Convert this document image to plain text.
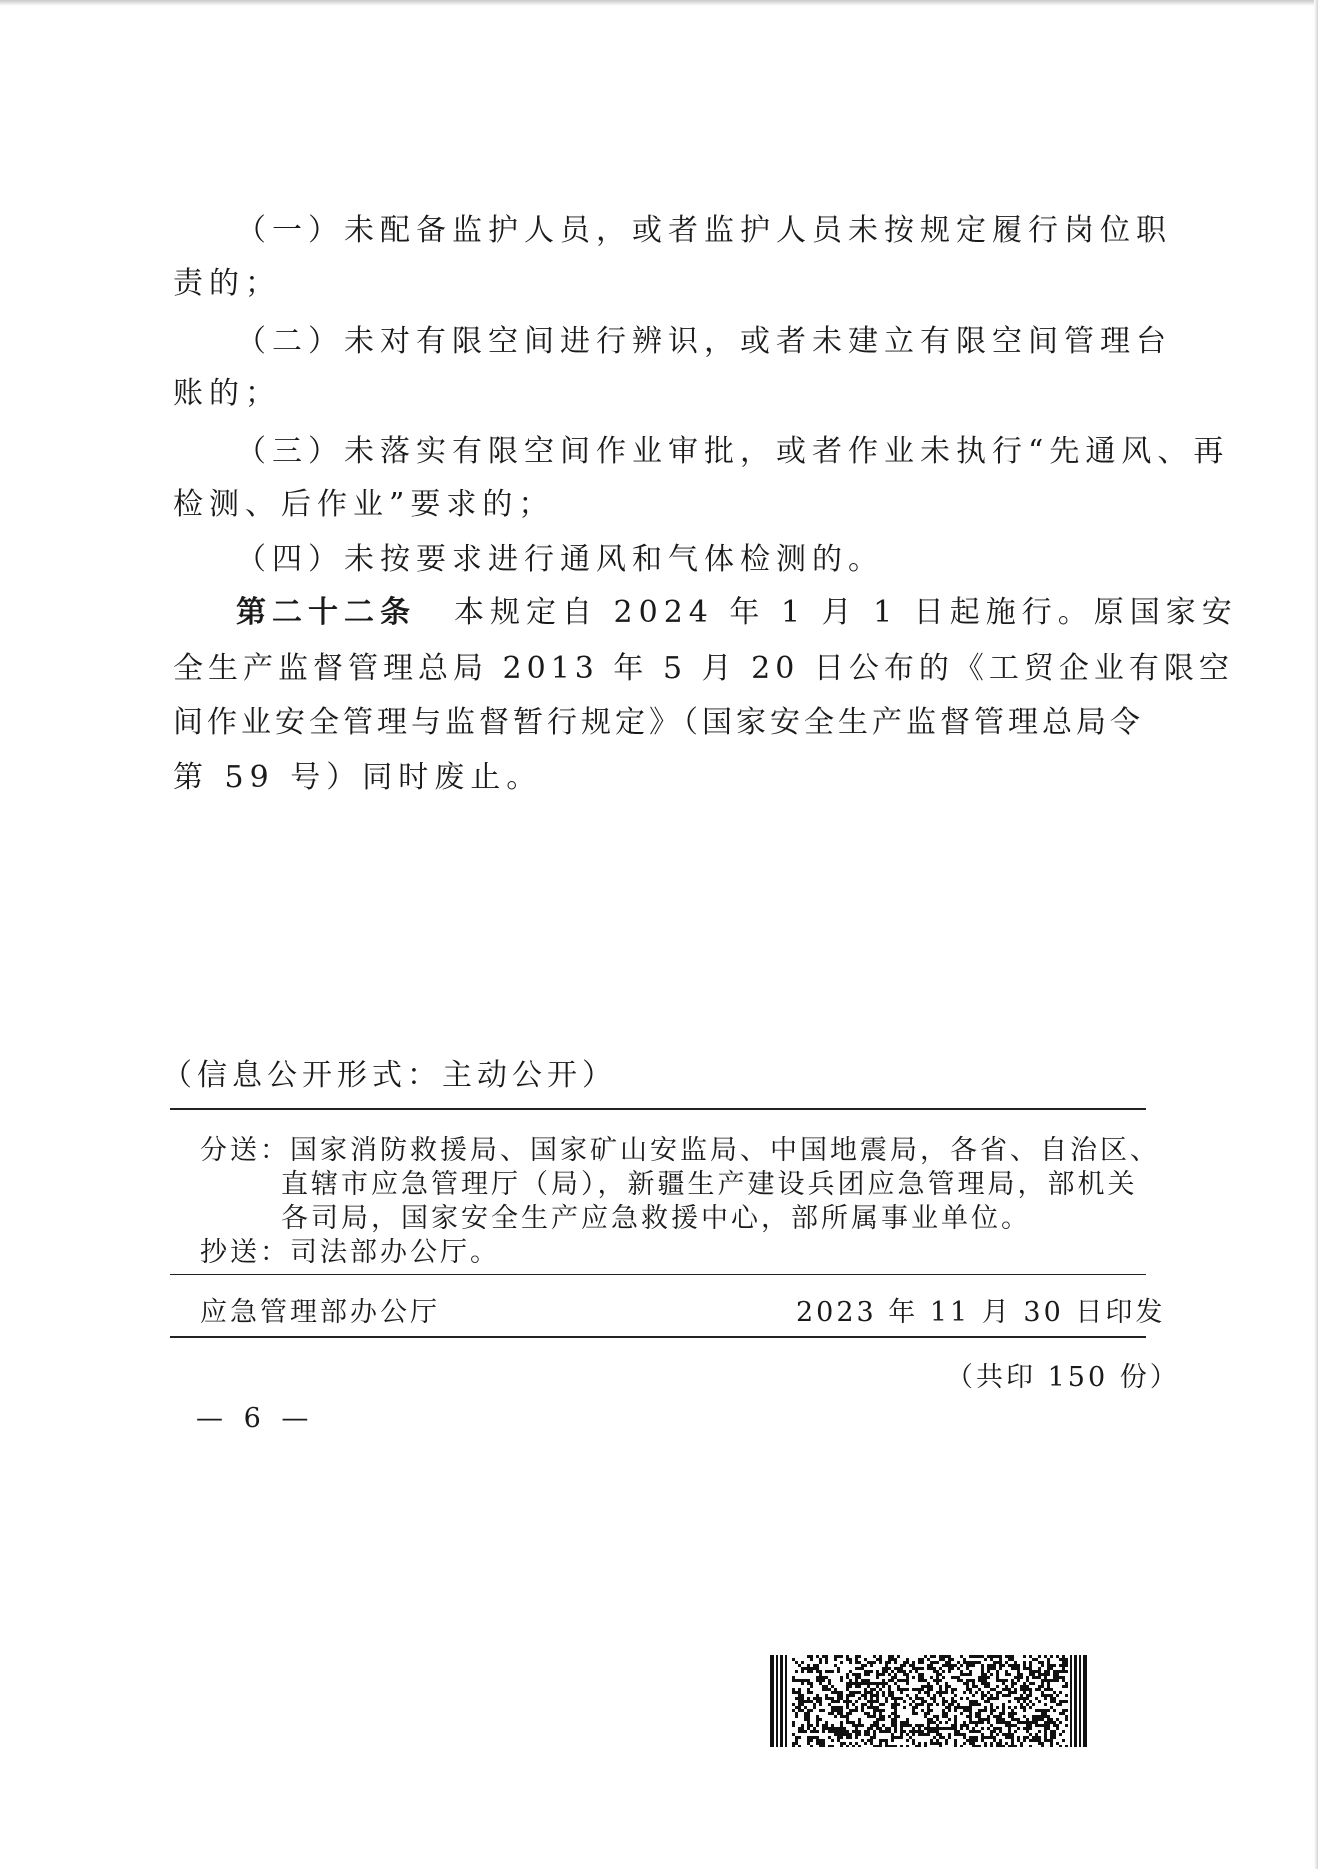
（一）未配备监护人员，或者监护人员未按规定履行岗位职

责的；

（二）未对有限空间进行辨识，或者未建立有限空间管理台

账的；

（三）未落实有限空间作业审批，或者作业未执行“先通风、再

检测、后作业”要求的；

（四）未按要求进行通风和气体检测的。

第二十二条 本规定自 2024 年 1 月 1 日起施行。原国家安

全生产监督管理总局 2013 年 5 月 20 日公布的《工贸企业有限空

间作业安全管理与监督暂行规定》（国家安全生产监督管理总局令

第 59 号）同时废止。

（信息公开形式：主动公开）

分送：国家消防救援局、国家矿山安监局、中国地震局，各省、自治区、

直辖市应急管理厅（局），新疆生产建设兵团应急管理局，部机关

各司局，国家安全生产应急救援中心，部所属事业单位。

抄送：司法部办公厅。

应急管理部办公厅	2023 年 11 月 30 日印发

（共印 150 份）

— 6 —
